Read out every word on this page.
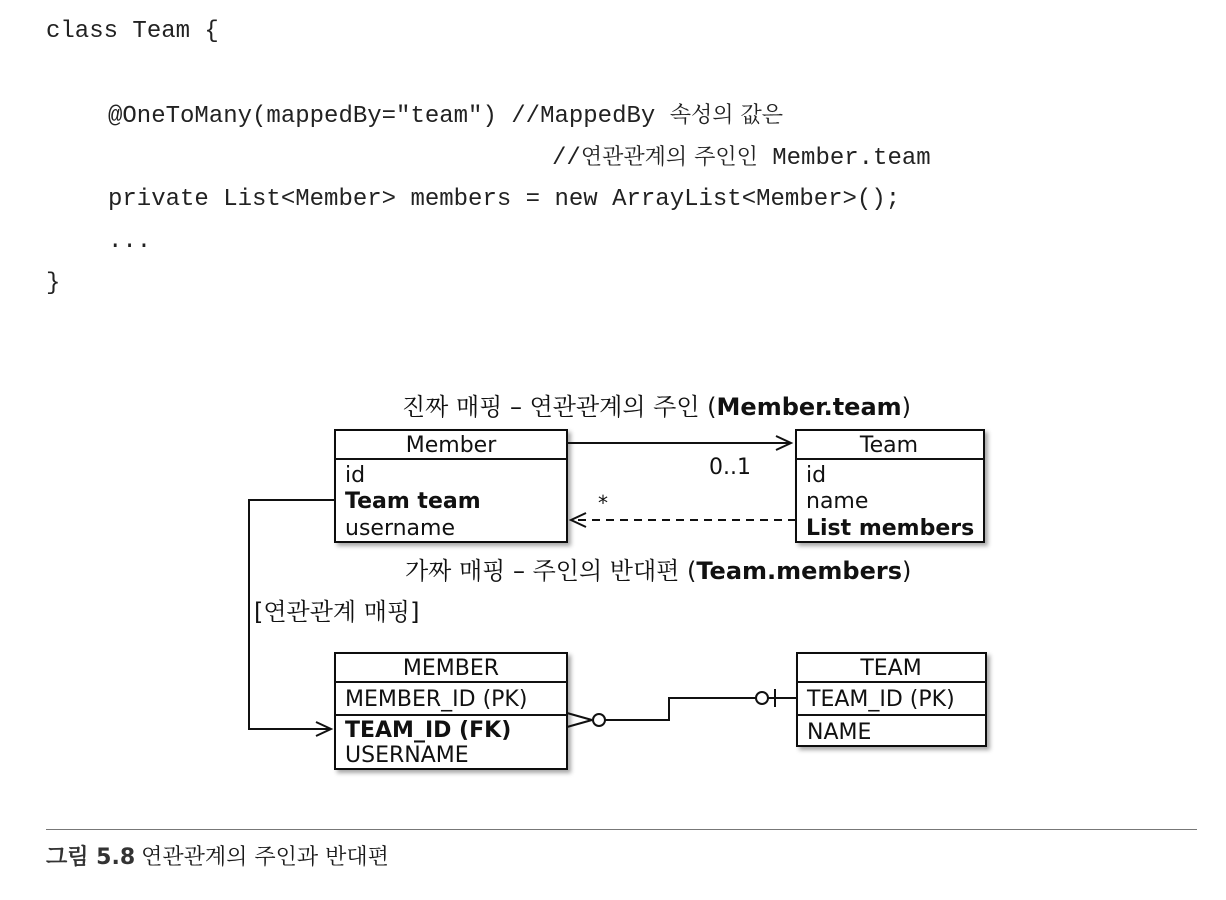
class Team {
@OneToMany(mappedBy="team") //MappedBy 속성의 값은
//연관관계의 주인인 Member.team
private List<Member> members = new ArrayList<Member>();
...
}
진짜 매핑 – 연관관계의 주인 (Member.team)
Member
id
Team team
username
Team
id
name
List members
0..1
*
가짜 매핑 – 주인의 반대편 (Team.members)
[연관관계 매핑]
MEMBER
MEMBER_ID (PK)
TEAM_ID (FK)
USERNAME
TEAM
TEAM_ID (PK)
NAME
그림 5.8 연관관계의 주인과 반대편
